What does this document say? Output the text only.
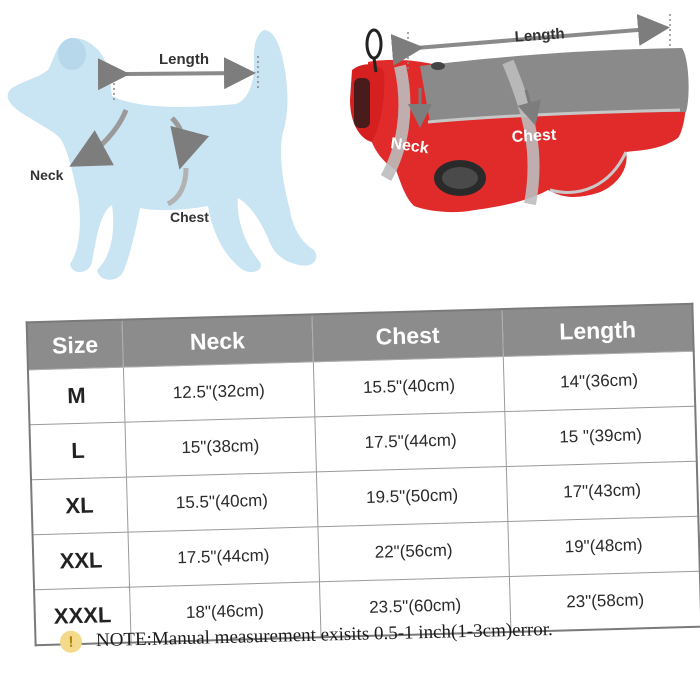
Length
Neck
Chest
Length
Neck	Chest
Size	Neck	Chest	Length
M	12.5"(32cm)	15.5"(40cm)	14"(36cm)
L	15"(38cm)	17.5"(44cm)	15 "(39cm)
XL	15.5"(40cm)	19.5"(50cm)	17"(43cm)
XXL	17.5"(44cm)	22"(56cm)	19"(48cm)
XXXL	18"(46cm)	23.5"(60cm)	23"(58cm)
!	NOTE:Manual measurement exisits 0.5-1 inch(1-3cm)error.
